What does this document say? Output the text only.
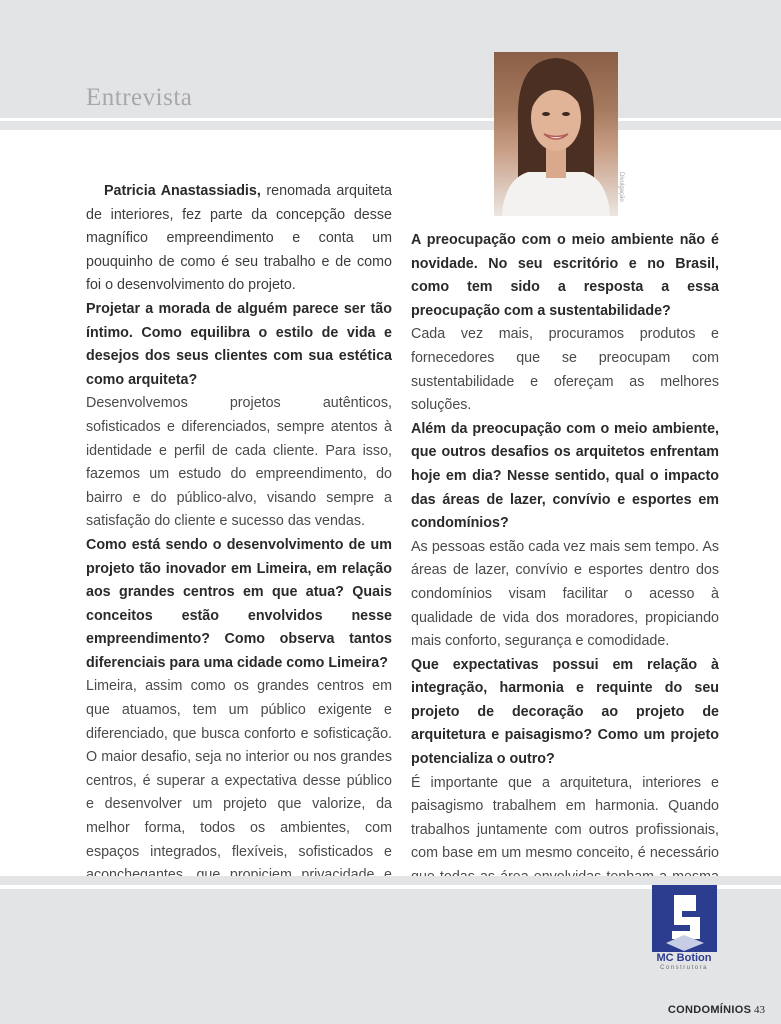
Entrevista
Divulgação

Patricia Anastassiadis, renomada arquiteta de interiores, fez parte da concepção desse magnífico empreendimento e conta um pouquinho de como é seu trabalho e de como foi o desenvolvimento do projeto.

Projetar a morada de alguém parece ser tão íntimo. Como equilibra o estilo de vida e desejos dos seus clientes com sua estética como arquiteta?

Desenvolvemos projetos autênticos, sofisticados e diferenciados, sempre atentos à identidade e perfil de cada cliente. Para isso, fazemos um estudo do empreendimento, do bairro e do público-alvo, visando sempre a satisfação do cliente e sucesso das vendas.

Como está sendo o desenvolvimento de um projeto tão inovador em Limeira, em relação aos grandes centros em que atua? Quais conceitos estão envolvidos nesse empreendimento? Como observa tantos diferenciais para uma cidade como Limeira?

Limeira, assim como os grandes centros em que atuamos, tem um público exigente e diferenciado, que busca conforto e sofisticação. O maior desafio, seja no interior ou nos grandes centros, é superar a expectativa desse público e desenvolver um projeto que valorize, da melhor forma, todos os ambientes, com espaços integrados, flexíveis, sofisticados e

A preocupação com o meio ambiente não é novidade. No seu escritório e no Brasil, como tem sido a resposta a essa preocupação com a sustentabilidade?

Cada vez mais, procuramos produtos e fornecedores que se preocupam com sustentabilidade e ofereçam as melhores soluções.

Além da preocupação com o meio ambiente, que outros desafios os arquitetos enfrentam hoje em dia? Nesse sentido, qual o impacto das áreas de lazer, convívio e esportes em condomínios?

As pessoas estão cada vez mais sem tempo. As áreas de lazer, convívio e esportes dentro dos condomínios visam facilitar o acesso à qualidade de vida dos moradores, propiciando mais conforto, segurança e comodidade.

Que expectativas possui em relação à integração, harmonia e requinte do seu projeto de decoração ao projeto de arquitetura e paisagismo? Como um projeto potencializa o outro?

É importante que a arquitetura, interiores e paisagismo trabalhem em harmonia. Quando trabalhos juntamente com outros profissionais, com base em um mesmo conceito, é necessário

MC Botion
Construtora
CONDOMÍNIOS 43
